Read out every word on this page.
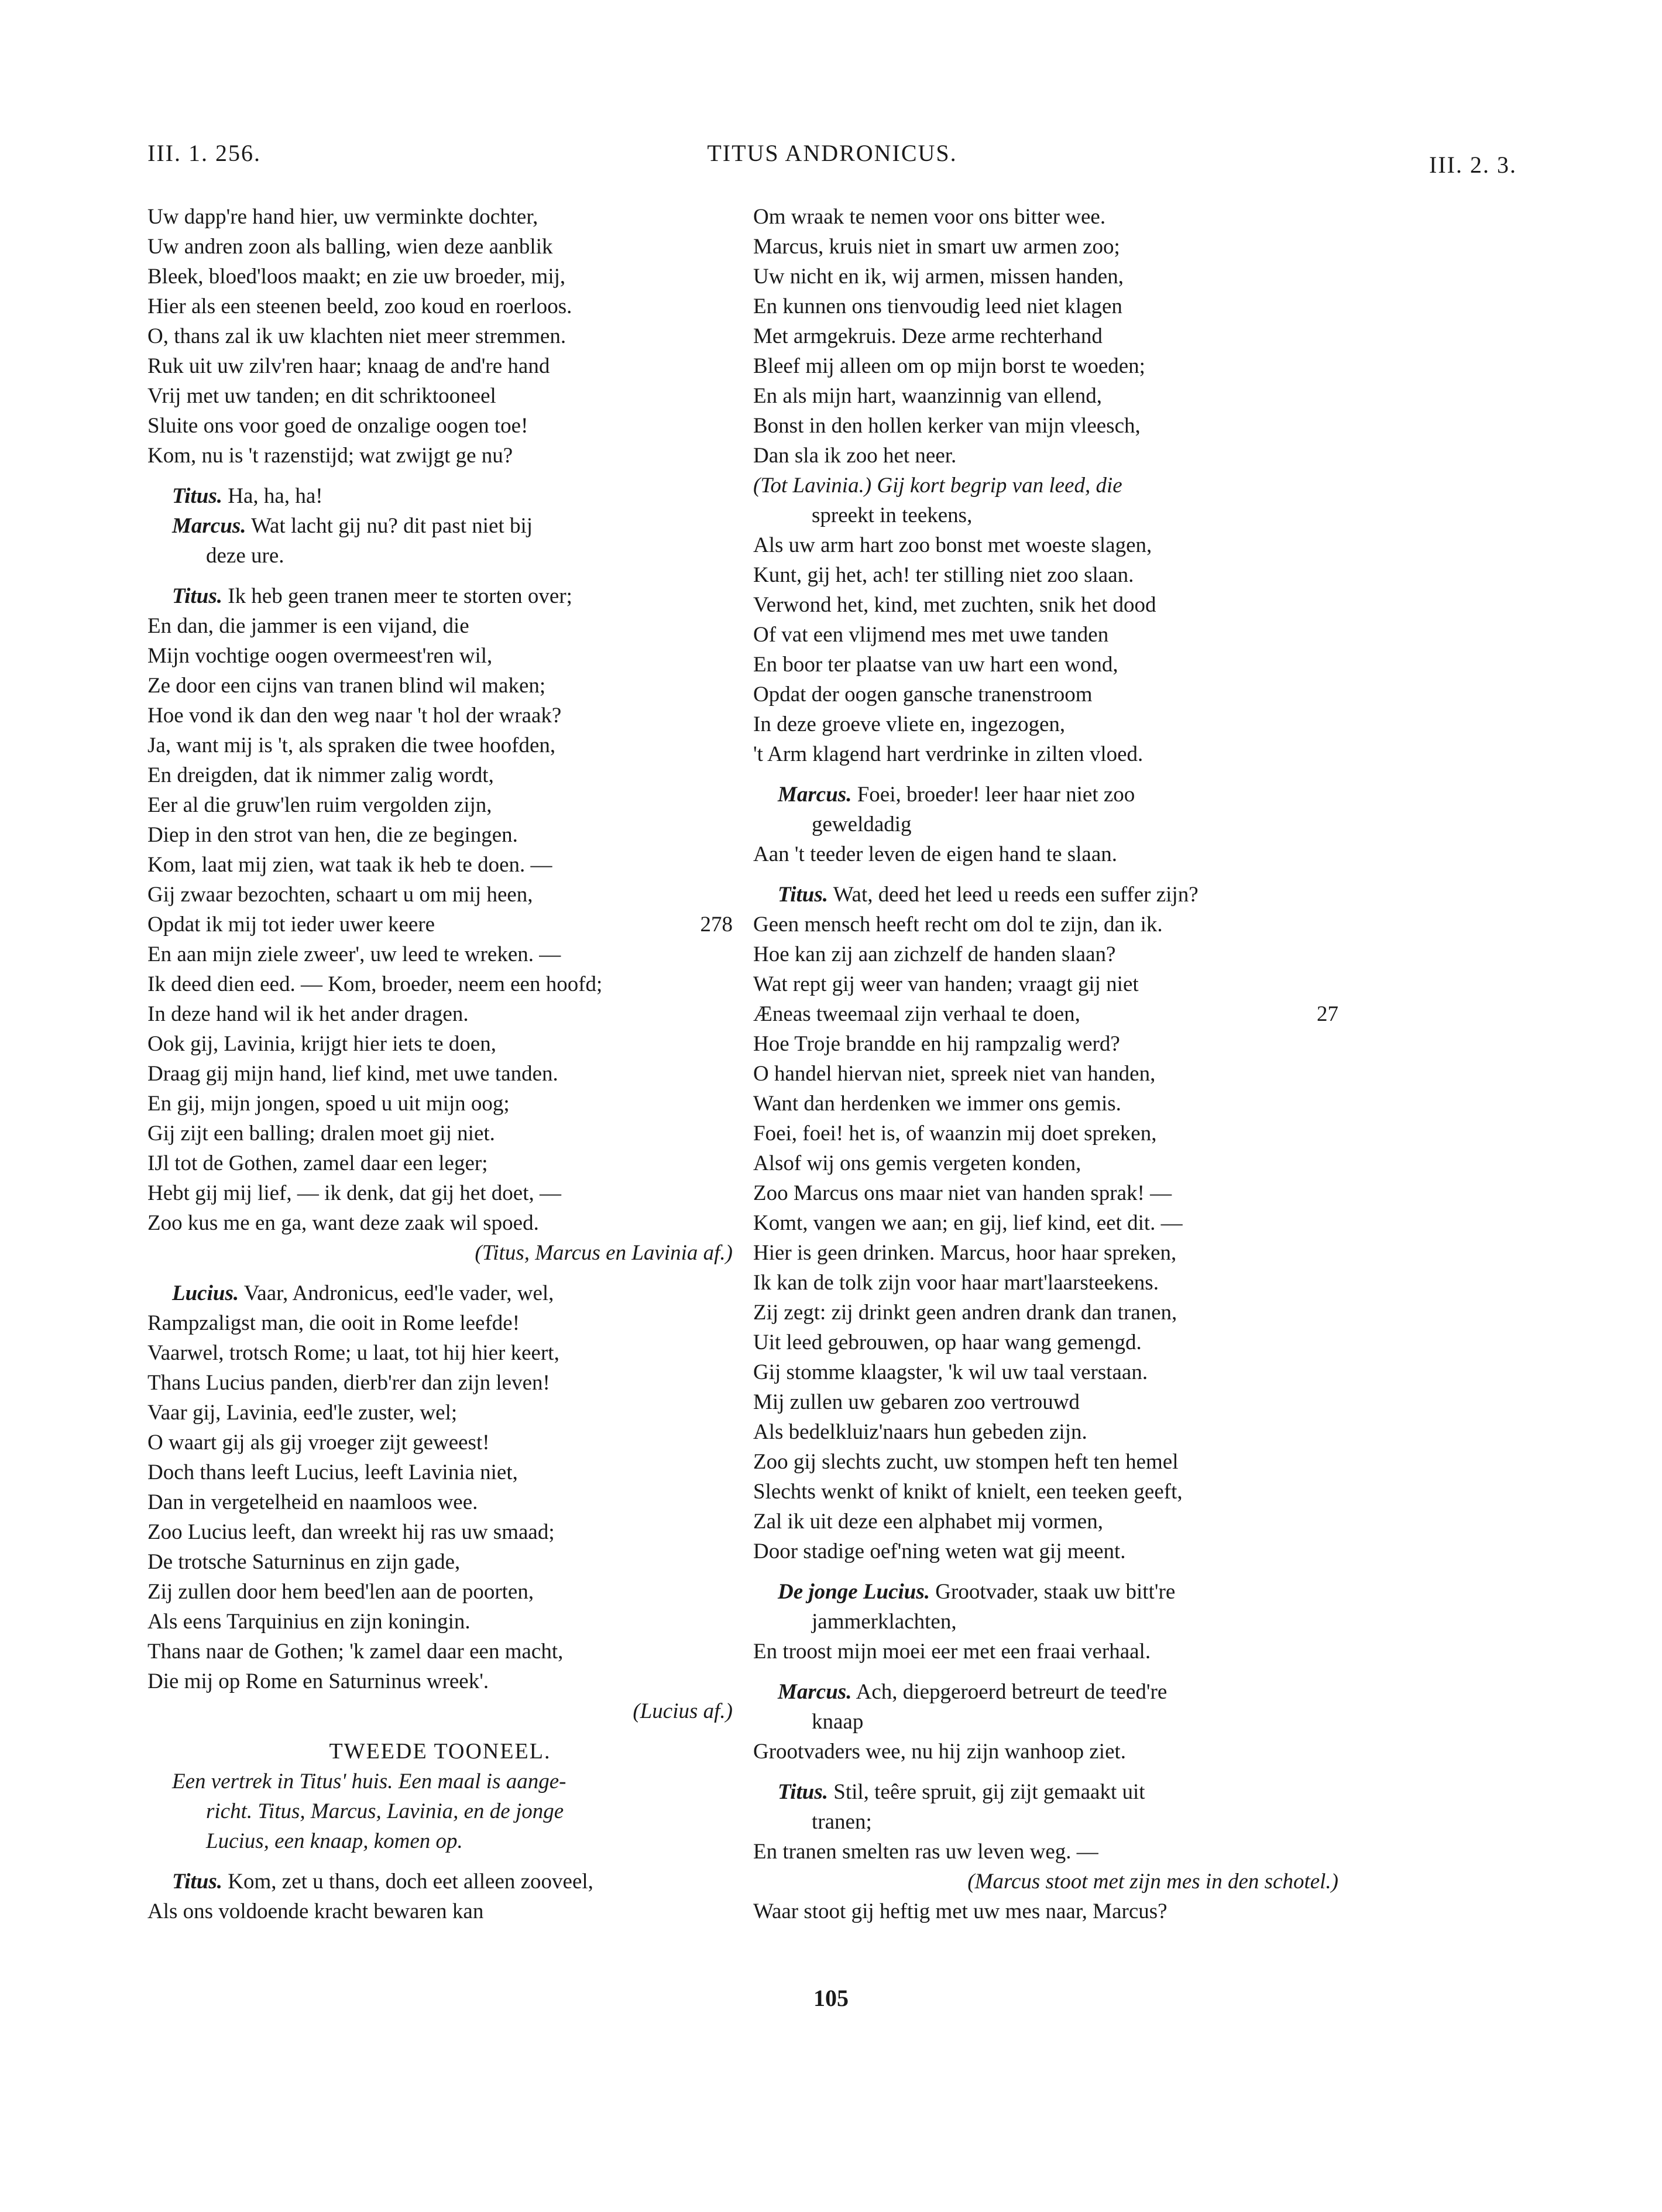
III. 1. 256.	TITUS ANDRONICUS.	III. 2. 3.
Uw dapp're hand hier, uw verminkte dochter,
Uw andren zoon als balling, wien deze aanblik
Bleek, bloed'loos maakt; en zie uw broeder, mij,
Hier als een steenen beeld, zoo koud en roerloos.
O, thans zal ik uw klachten niet meer stremmen.
Ruk uit uw zilv'ren haar; knaag de and're hand
Vrij met uw tanden; en dit schriktooneel
Sluite ons voor goed de onzalige oogen toe!
Kom, nu is 't razenstijd; wat zwijgt ge nu?
Titus. Ha, ha, ha!
Marcus. Wat lacht gij nu? dit past niet bij
deze ure.
Titus. Ik heb geen tranen meer te storten over;
En dan, die jammer is een vijand, die
Mijn vochtige oogen overmeest'ren wil,
Ze door een cijns van tranen blind wil maken;
Hoe vond ik dan den weg naar 't hol der wraak?
Ja, want mij is 't, als spraken die twee hoofden,
En dreigden, dat ik nimmer zalig wordt,
Eer al die gruw'len ruim vergolden zijn,
Diep in den strot van hen, die ze begingen.
Kom, laat mij zien, wat taak ik heb te doen. —
Gij zwaar bezochten, schaart u om mij heen,
Opdat ik mij tot ieder uwer keere	278
En aan mijn ziele zweer', uw leed te wreken. —
Ik deed dien eed. — Kom, broeder, neem een hoofd;
In deze hand wil ik het ander dragen.
Ook gij, Lavinia, krijgt hier iets te doen,
Draag gij mijn hand, lief kind, met uwe tanden.
En gij, mijn jongen, spoed u uit mijn oog;
Gij zijt een balling; dralen moet gij niet.
IJl tot de Gothen, zamel daar een leger;
Hebt gij mij lief, — ik denk, dat gij het doet, —
Zoo kus me en ga, want deze zaak wil spoed.
(Titus, Marcus en Lavinia af.)
Lucius. Vaar, Andronicus, eed'le vader, wel,
Rampzaligst man, die ooit in Rome leefde!
Vaarwel, trotsch Rome; u laat, tot hij hier keert,
Thans Lucius panden, dierb'rer dan zijn leven!
Vaar gij, Lavinia, eed'le zuster, wel;
O waart gij als gij vroeger zijt geweest!
Doch thans leeft Lucius, leeft Lavinia niet,
Dan in vergetelheid en naamloos wee.
Zoo Lucius leeft, dan wreekt hij ras uw smaad;
De trotsche Saturninus en zijn gade,
Zij zullen door hem beed'len aan de poorten,
Als eens Tarquinius en zijn koningin.
Thans naar de Gothen; 'k zamel daar een macht,
Die mij op Rome en Saturninus wreek'.
(Lucius af.)
TWEEDE TOONEEL.
Een vertrek in Titus' huis. Een maal is aange-
richt. Titus, Marcus, Lavinia, en de jonge
Lucius, een knaap, komen op.
Titus. Kom, zet u thans, doch eet alleen zooveel,
Als ons voldoende kracht bewaren kan
Om wraak te nemen voor ons bitter wee.
Marcus, kruis niet in smart uw armen zoo;
Uw nicht en ik, wij armen, missen handen,
En kunnen ons tienvoudig leed niet klagen
Met armgekruis. Deze arme rechterhand
Bleef mij alleen om op mijn borst te woeden;
En als mijn hart, waanzinnig van ellend,
Bonst in den hollen kerker van mijn vleesch,
Dan sla ik zoo het neer.
(Tot Lavinia.) Gij kort begrip van leed, die
spreekt in teekens,
Als uw arm hart zoo bonst met woeste slagen,
Kunt, gij het, ach! ter stilling niet zoo slaan.
Verwond het, kind, met zuchten, snik het dood
Of vat een vlijmend mes met uwe tanden
En boor ter plaatse van uw hart een wond,
Opdat der oogen gansche tranenstroom
In deze groeve vliete en, ingezogen,
't Arm klagend hart verdrinke in zilten vloed.
Marcus. Foei, broeder! leer haar niet zoo
geweldadig
Aan 't teeder leven de eigen hand te slaan.
Titus. Wat, deed het leed u reeds een suffer zijn?
Geen mensch heeft recht om dol te zijn, dan ik.
Hoe kan zij aan zichzelf de handen slaan?
Wat rept gij weer van handen; vraagt gij niet
Æneas tweemaal zijn verhaal te doen,	27
Hoe Troje brandde en hij rampzalig werd?
O handel hiervan niet, spreek niet van handen,
Want dan herdenken we immer ons gemis.
Foei, foei! het is, of waanzin mij doet spreken,
Alsof wij ons gemis vergeten konden,
Zoo Marcus ons maar niet van handen sprak! —
Komt, vangen we aan; en gij, lief kind, eet dit. —
Hier is geen drinken. Marcus, hoor haar spreken,
Ik kan de tolk zijn voor haar mart'laarsteekens.
Zij zegt: zij drinkt geen andren drank dan tranen,
Uit leed gebrouwen, op haar wang gemengd.
Gij stomme klaagster, 'k wil uw taal verstaan.
Mij zullen uw gebaren zoo vertrouwd
Als bedelkluiz'naars hun gebeden zijn.
Zoo gij slechts zucht, uw stompen heft ten hemel
Slechts wenkt of knikt of knielt, een teeken geeft,
Zal ik uit deze een alphabet mij vormen,
Door stadige oef'ning weten wat gij meent.
De jonge Lucius. Grootvader, staak uw bitt're
jammerklachten,
En troost mijn moei eer met een fraai verhaal.
Marcus. Ach, diepgeroerd betreurt de teed're
knaap
Grootvaders wee, nu hij zijn wanhoop ziet.
Titus. Stil, teêre spruit, gij zijt gemaakt uit
tranen;
En tranen smelten ras uw leven weg. —
(Marcus stoot met zijn mes in den schotel.)
Waar stoot gij heftig met uw mes naar, Marcus?
105
